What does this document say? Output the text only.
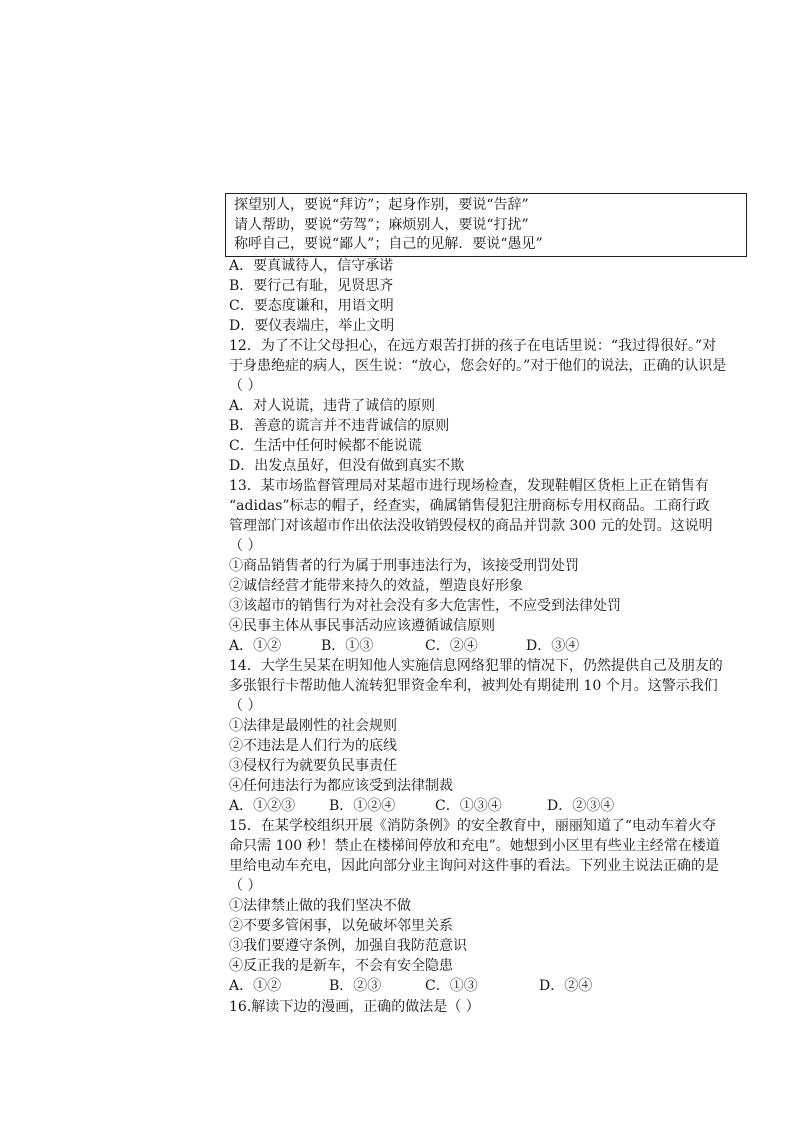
探望别人，要说“拜访”；起身作别，要说“告辞”
请人帮助，要说“劳驾”；麻烦别人，要说“打扰”
称呼自己，要说“鄙人”；自己的见解．要说“愚见”
A．要真诚待人，信守承诺
B．要行己有耻，见贤思齐
C．要态度谦和，用语文明
D．要仪表端庄，举止文明
12．为了不让父母担心，在远方艰苦打拼的孩子在电话里说：“我过得很好。”对
于身患绝症的病人，医生说：“放心，您会好的。”对于他们的说法，正确的认识是
（ ）
A．对人说谎，违背了诚信的原则
B．善意的谎言并不违背诚信的原则
C．生活中任何时候都不能说谎
D．出发点虽好，但没有做到真实不欺
13．某市场监督管理局对某超市进行现场检查，发现鞋帽区货柜上正在销售有
“adidas”标志的帽子，经查实，确属销售侵犯注册商标专用权商品。工商行政
管理部门对该超市作出依法没收销毁侵权的商品并罚款 300 元的处罚。这说明
（ ）
①商品销售者的行为属于刑事违法行为，该接受刑罚处罚
②诚信经营才能带来持久的效益，塑造良好形象
③该超市的销售行为对社会没有多大危害性，不应受到法律处罚
④民事主体从事民事活动应该遵循诚信原则
A．①②	B．①③	C．②④	D．③④
14．大学生吴某在明知他人实施信息网络犯罪的情况下，仍然提供自己及朋友的
多张银行卡帮助他人流转犯罪资金牟利，被判处有期徒刑 10 个月。这警示我们
（ ）
①法律是最刚性的社会规则
②不违法是人们行为的底线
③侵权行为就要负民事责任
④任何违法行为都应该受到法律制裁
A．①②③ B．①②④	C．①③④	D．②③④
15．在某学校组织开展《消防条例》的安全教育中，丽丽知道了“电动车着火夺
命只需 100 秒！禁止在楼梯间停放和充电”。她想到小区里有些业主经常在楼道
里给电动车充电，因此向部分业主询问对这件事的看法。下列业主说法正确的是
（ ）
①法律禁止做的我们坚决不做
②不要多管闲事，以免破坏邻里关系
③我们要遵守条例，加强自我防范意识
④反正我的是新车，不会有安全隐患
A．①②	B．②③	C．①③	D．②④
16.解读下边的漫画，正确的做法是（ ）
